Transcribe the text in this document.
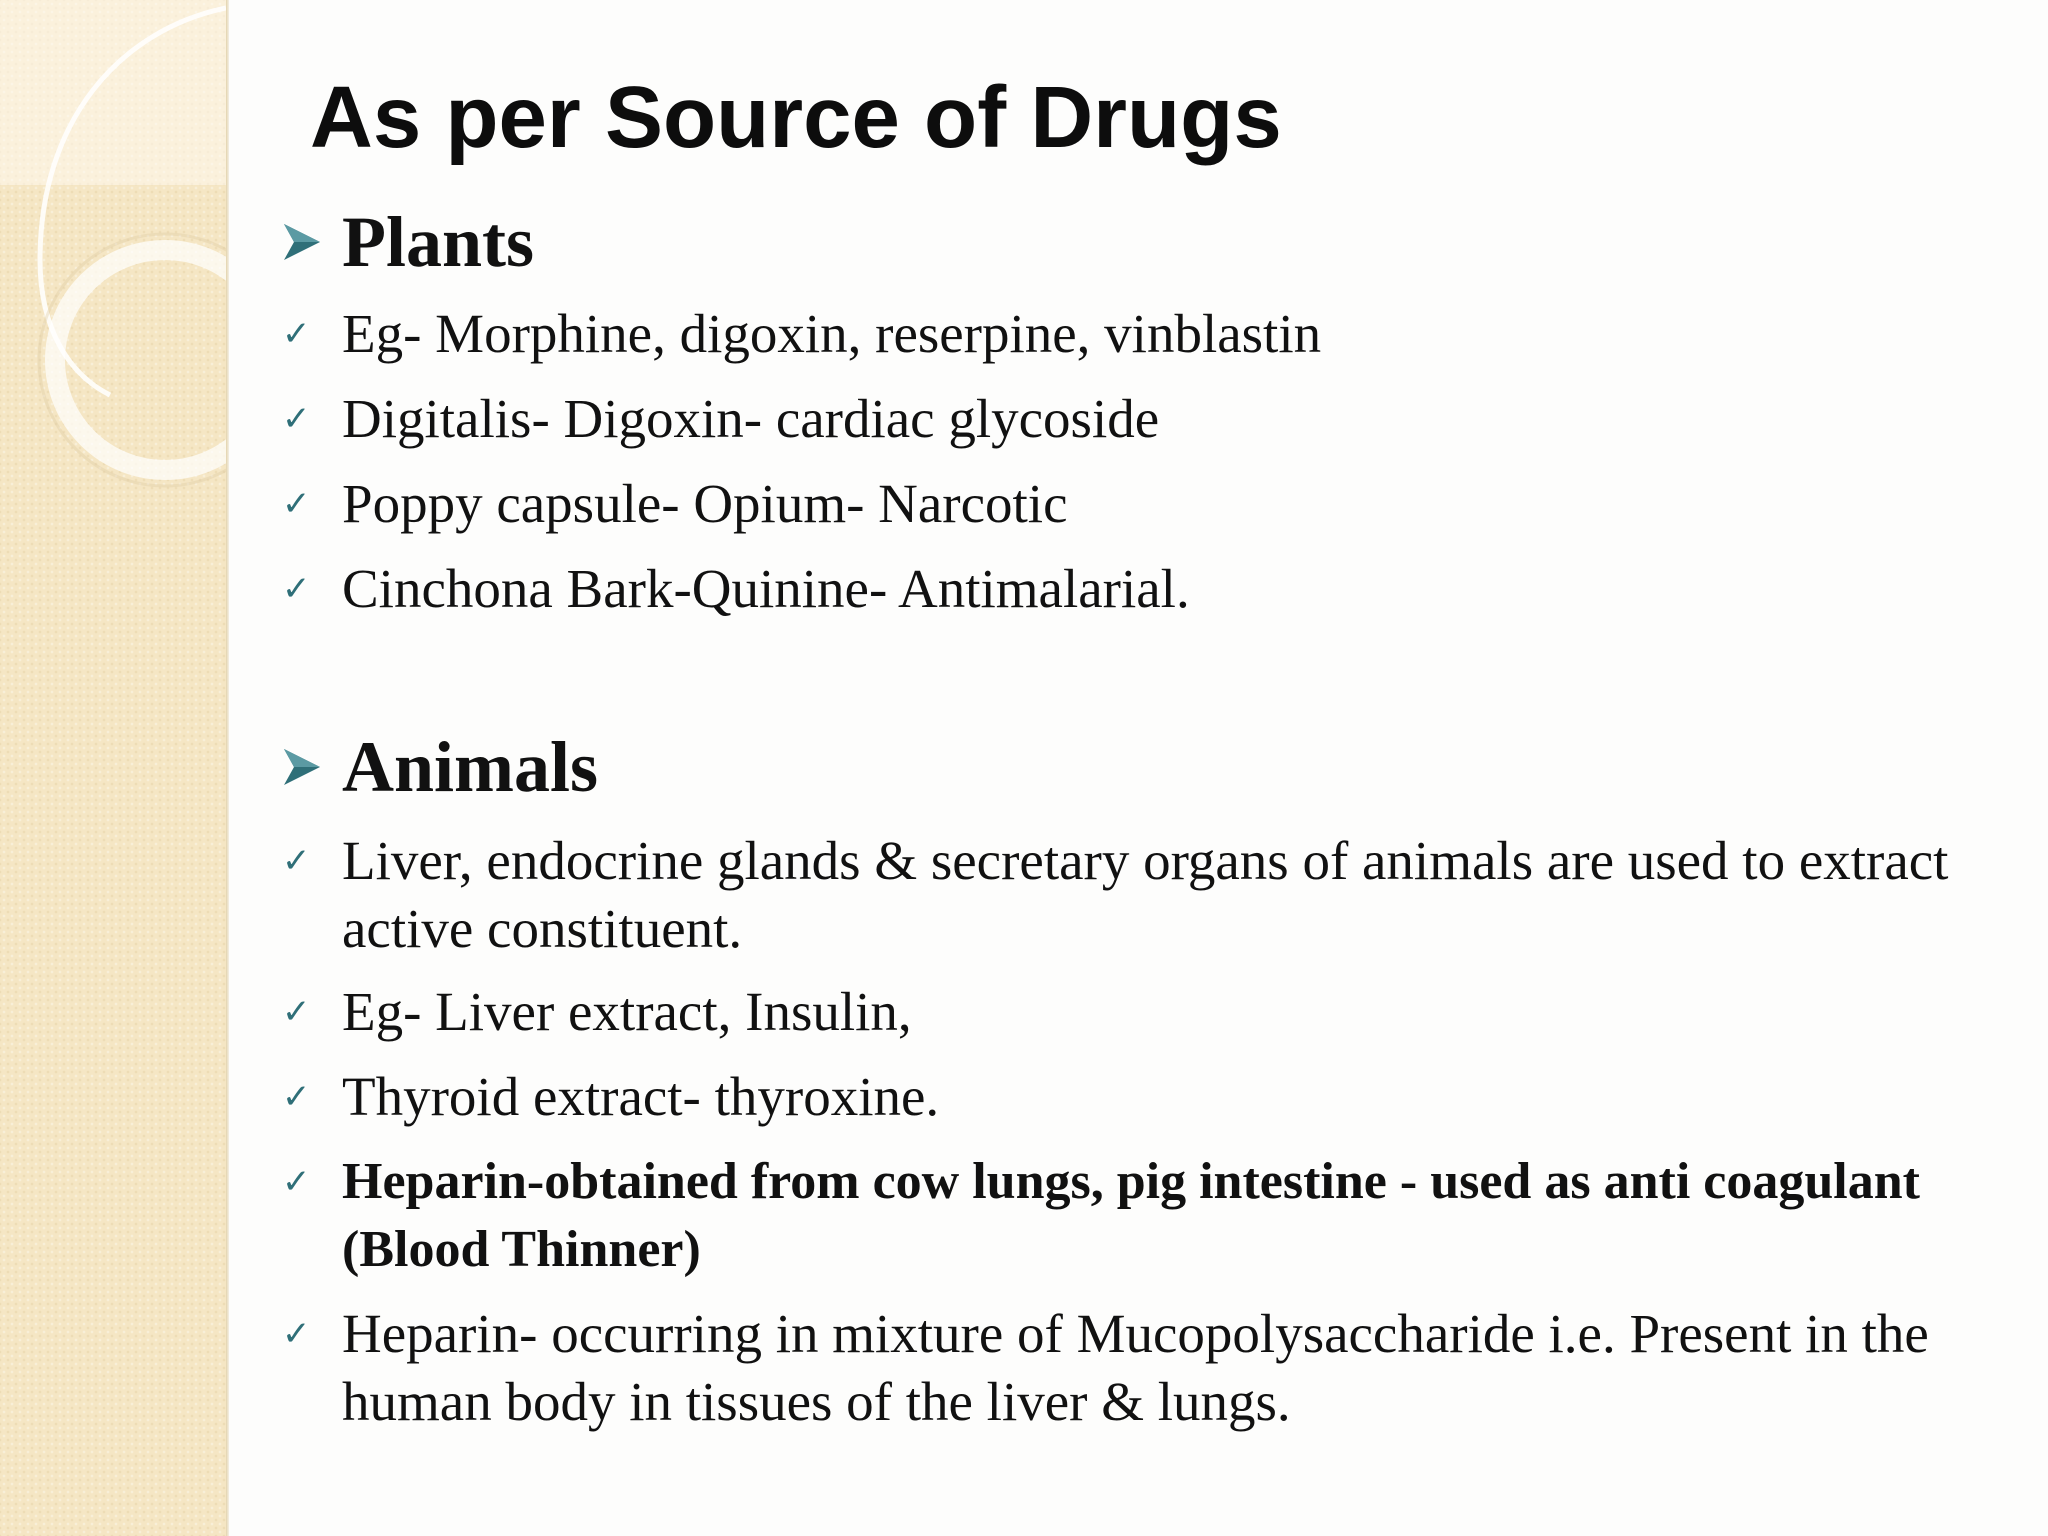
As per Source of Drugs
Plants
✓ Eg- Morphine, digoxin, reserpine, vinblastin
✓ Digitalis- Digoxin- cardiac glycoside
✓ Poppy capsule- Opium- Narcotic
✓ Cinchona Bark-Quinine- Antimalarial.
Animals
✓ Liver, endocrine glands & secretary organs of animals are used to extract active constituent.
✓ Eg- Liver extract, Insulin,
✓ Thyroid extract- thyroxine.
✓ Heparin-obtained from cow lungs, pig intestine - used as anti coagulant (Blood Thinner)
✓ Heparin- occurring in mixture of Mucopolysaccharide i.e. Present in the human body in tissues of the liver & lungs.
